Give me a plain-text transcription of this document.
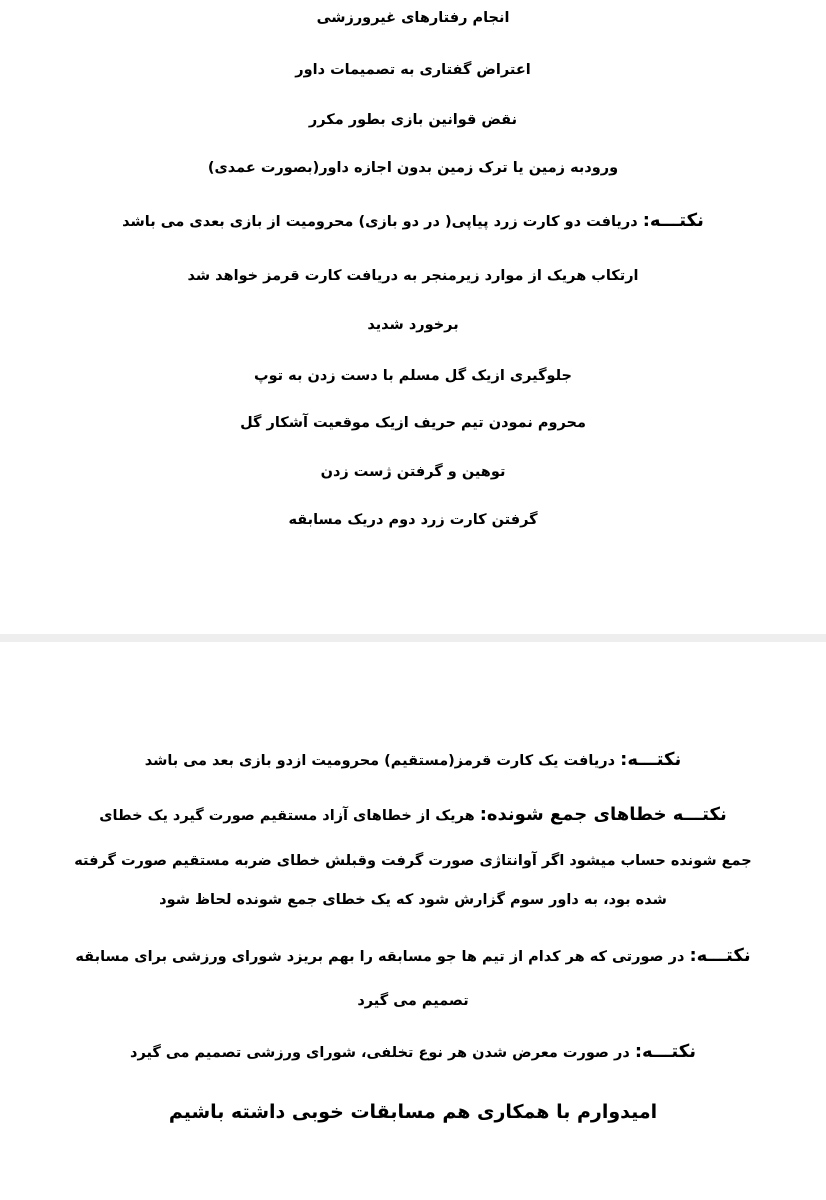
انجام رفتارهای غیرورزشی
اعتراض گفتاری به تصمیمات داور
نقض قوانین بازی بطور مکرر
ورودبه زمین یا ترک زمین بدون اجازه داور(بصورت عمدی)
نکتـــه: دریافت دو کارت زرد پیاپی( در دو بازی) محرومیت از بازی بعدی می باشد
ارتکاب هریک از موارد زیرمنجر به دریافت کارت قرمز خواهد شد
برخورد شدید
جلوگیری ازیک گل مسلم با دست زدن به توپ
محروم نمودن تیم حریف ازیک موقعیت آشکار گل
توهین و گرفتن ژست زدن
گرفتن کارت زرد دوم دریک مسابقه
نکتـــه: دریافت یک کارت قرمز(مستقیم) محرومیت ازدو بازی بعد می باشد
نکتـــه خطاهای جمع شونده: هریک از خطاهای آزاد مستقیم صورت گیرد یک خطای
جمع شونده حساب میشود اگر آوانتاژی صورت گرفت وقبلش خطای ضربه مستقیم صورت گرفته
شده بود، به داور سوم گزارش شود که یک خطای جمع شونده لحاظ شود
نکتـــه: در صورتی که هر کدام از تیم ها جو مسابقه را بهم بریزد شورای ورزشی برای مسابقه
تصمیم می گیرد
نکتـــه: در صورت معرض شدن هر نوع تخلفی، شورای ورزشی تصمیم می گیرد
امیدوارم با همکاری هم مسابقات خوبی داشته باشیم
